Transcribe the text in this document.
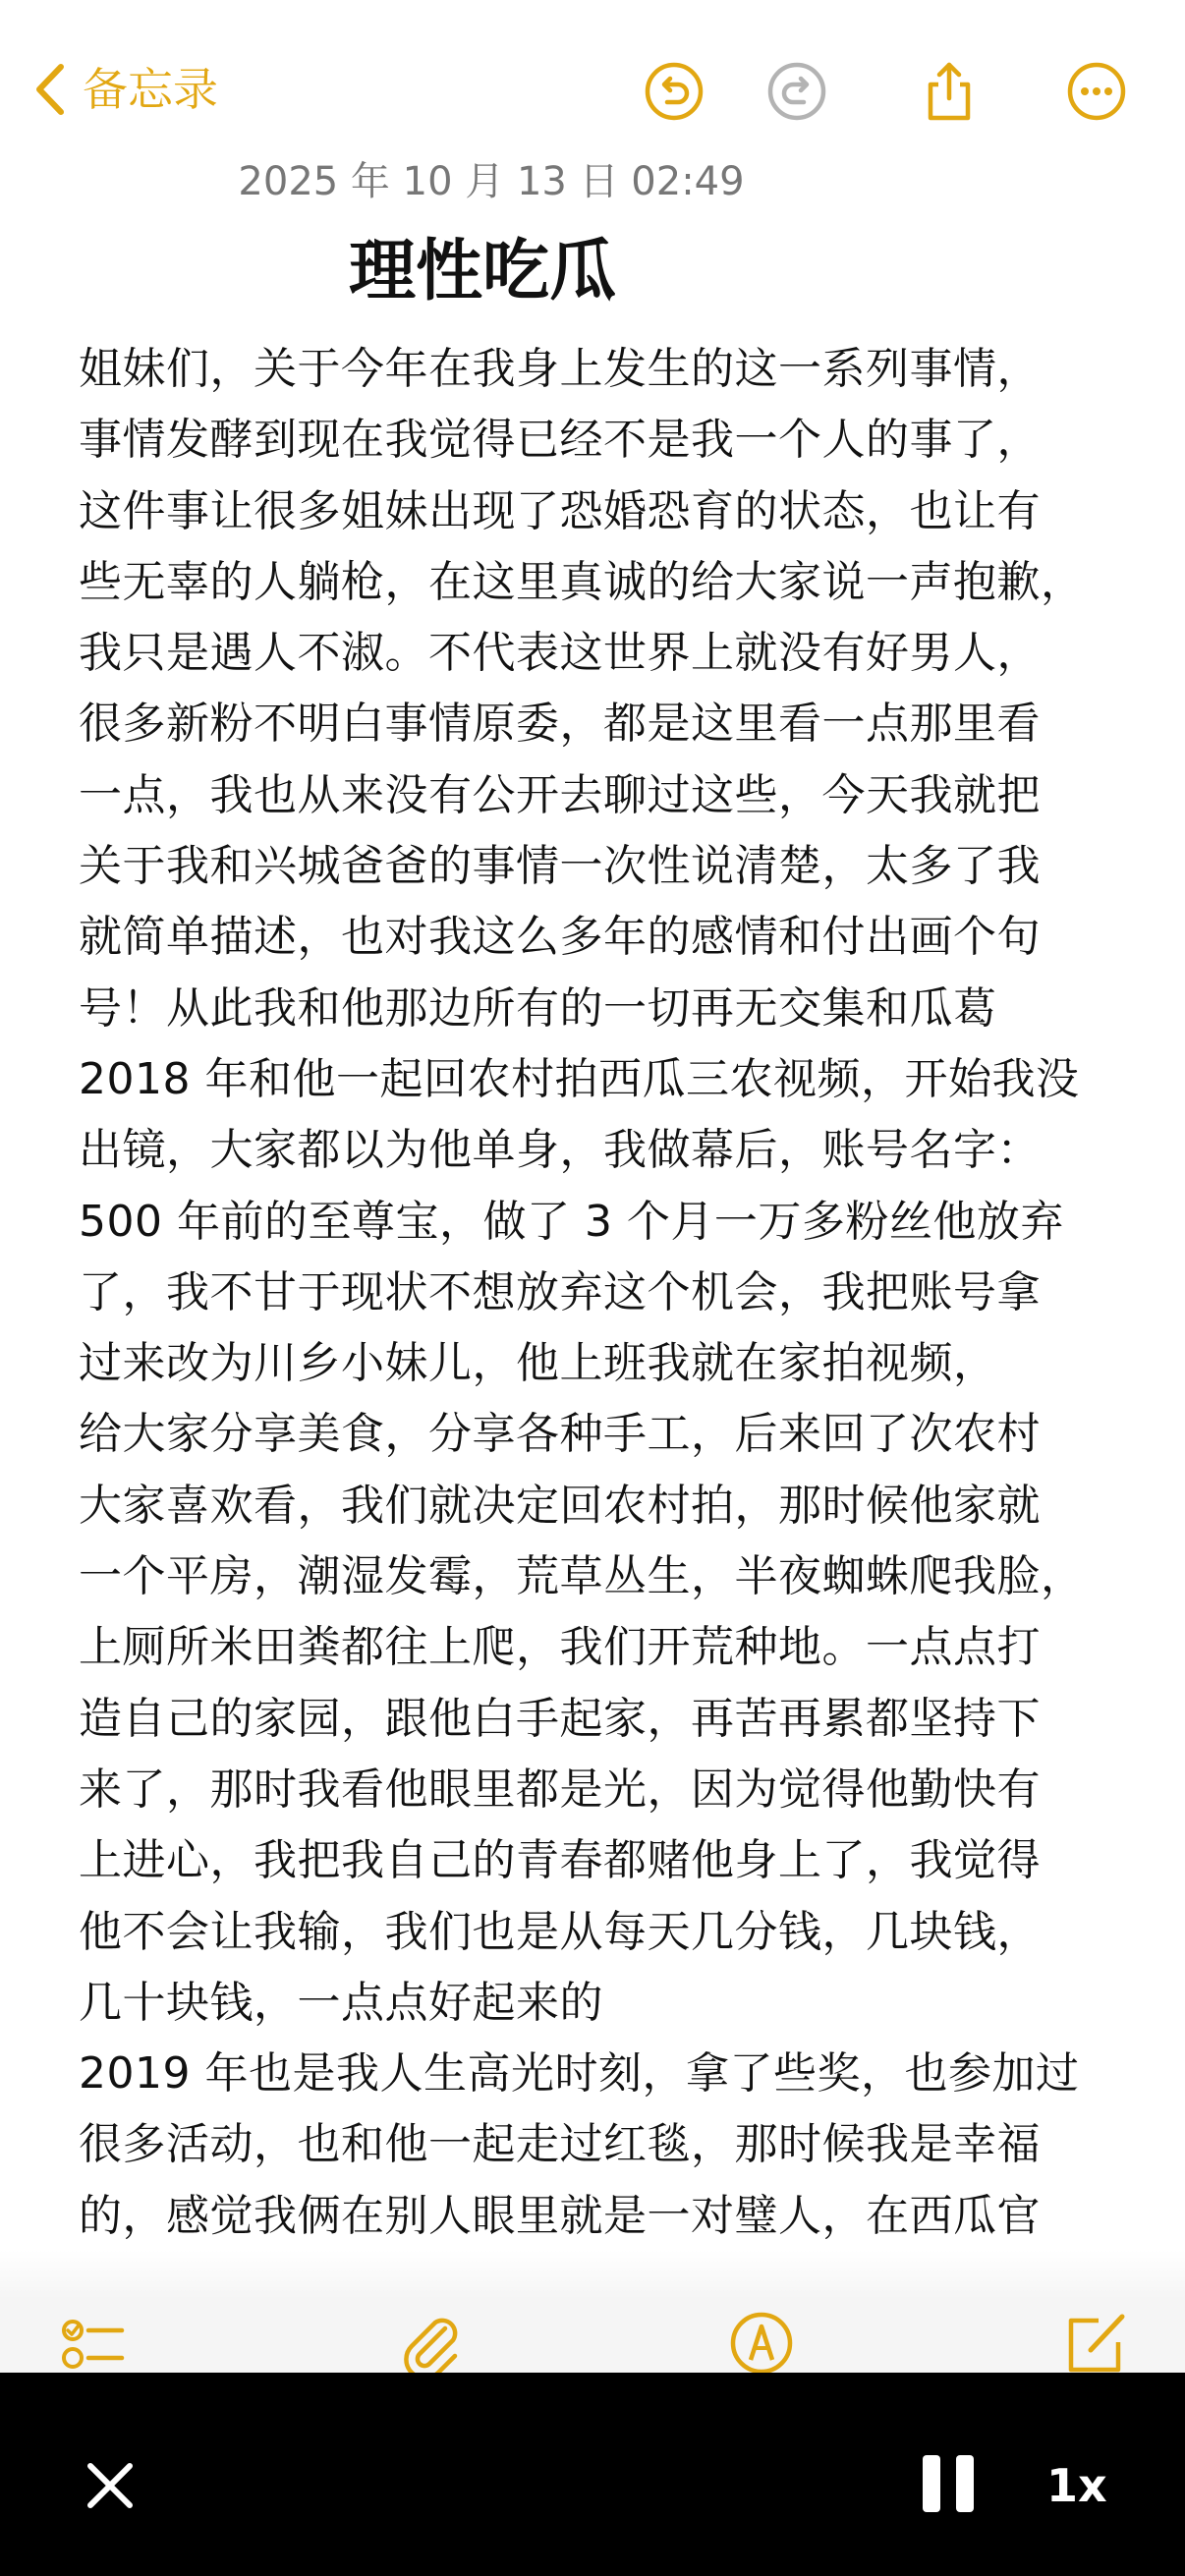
备忘录
2025 年 10 月 13 日 02:49
理性吃瓜
姐妹们，关于今年在我身上发生的这一系列事情，
事情发酵到现在我觉得已经不是我一个人的事了，
这件事让很多姐妹出现了恐婚恐育的状态，也让有
些无辜的人躺枪，在这里真诚的给大家说一声抱歉，
我只是遇人不淑。不代表这世界上就没有好男人，
很多新粉不明白事情原委，都是这里看一点那里看
一点，我也从来没有公开去聊过这些，今天我就把
关于我和兴城爸爸的事情一次性说清楚，太多了我
就简单描述，也对我这么多年的感情和付出画个句
号！从此我和他那边所有的一切再无交集和瓜葛
2018 年和他一起回农村拍西瓜三农视频，开始我没
出镜，大家都以为他单身，我做幕后，账号名字：
500 年前的至尊宝，做了 3 个月一万多粉丝他放弃
了，我不甘于现状不想放弃这个机会，我把账号拿
过来改为川乡小妹儿，他上班我就在家拍视频，
给大家分享美食，分享各种手工，后来回了次农村
大家喜欢看，我们就决定回农村拍，那时候他家就
一个平房，潮湿发霉，荒草丛生，半夜蜘蛛爬我脸，
上厕所米田粪都往上爬，我们开荒种地。一点点打
造自己的家园，跟他白手起家，再苦再累都坚持下
来了，那时我看他眼里都是光，因为觉得他勤快有
上进心，我把我自己的青春都赌他身上了，我觉得
他不会让我输，我们也是从每天几分钱，几块钱，
几十块钱，一点点好起来的
2019 年也是我人生高光时刻，拿了些奖，也参加过
很多活动，也和他一起走过红毯，那时候我是幸福
的，感觉我俩在别人眼里就是一对璧人，在西瓜官
1x
